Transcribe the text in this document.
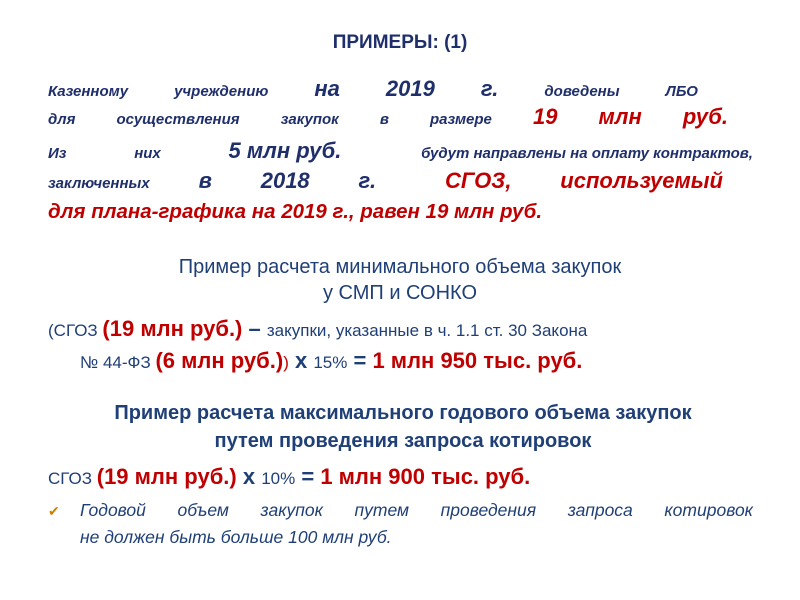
ПРИМЕРЫ: (1)
Казенному	учреждению на 2019 г.	доведены	ЛБО
для	осуществления	закупок	в	размере 19 млн руб.
Из	них	5 млн руб.	будут направлены на оплату контрактов,
заключенных в 2018 г.	СГОЗ, используемый
для плана-графика на 2019 г., равен 19 млн руб.
Пример расчета минимального объема закупок
у СМП и СОНКО
(СГОЗ (19 млн руб.) – закупки, указанные в ч. 1.1 ст. 30 Закона
№ 44-ФЗ (6 млн руб.)) x 15% = 1 млн 950 тыс. руб.
Пример расчета максимального годового объема закупок
путем проведения запроса котировок
СГОЗ (19 млн руб.) x 10% = 1 млн 900 тыс. руб.
✔ Годовой объем закупок путем проведения запроса котировок
не должен быть больше 100 млн руб.
